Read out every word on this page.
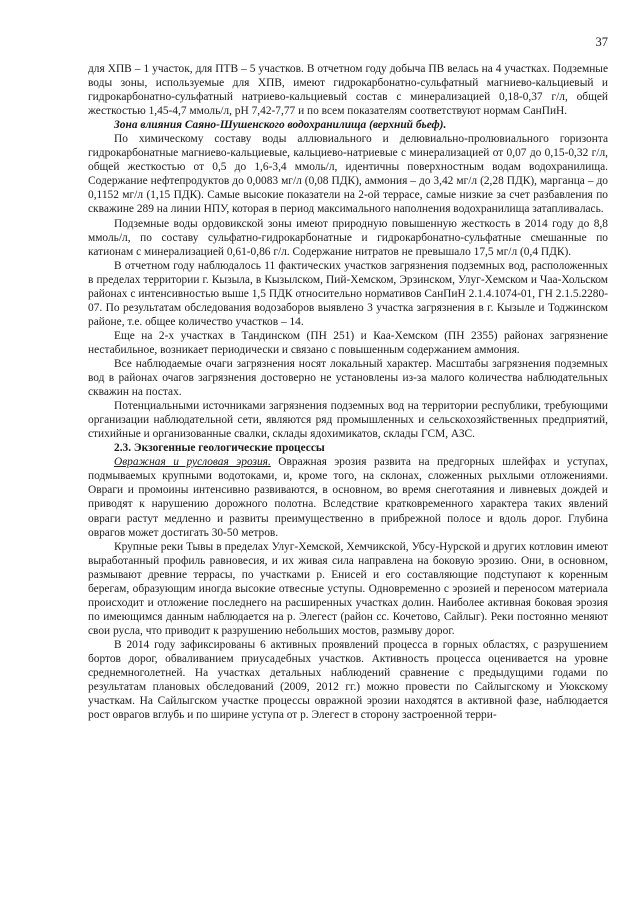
37

для ХПВ – 1 участок, для ПТВ – 5 участков. В отчетном году добыча ПВ велась на 4 участках. Подземные воды зоны, используемые для ХПВ, имеют гидрокарбонатно-сульфатный магниево-кальциевый и гидрокарбонатно-сульфатный натриево-кальциевый состав с минерализацией 0,18-0,37 г/л, общей жесткостью 1,45-4,7 ммоль/л, рН 7,42-7,77 и по всем показателям соответствуют нормам СанПиН.

Зона влияния Саяно-Шушенского водохранилища (верхний бьеф).

По химическому составу воды аллювиального и делювиально-пролювиального горизонта гидрокарбонатные магниево-кальциевые, кальциево-натриевые с минерализацией от 0,07 до 0,15-0,32 г/л, общей жесткостью от 0,5 до 1,6-3,4 ммоль/л, идентичны поверхностным водам водохранилища. Содержание нефтепродуктов до 0,0083 мг/л (0,08 ПДК), аммония – до 3,42 мг/л (2,28 ПДК), марганца – до 0,1152 мг/л (1,15 ПДК). Самые высокие показатели на 2-ой террасе, самые низкие за счет разбавления по скважине 289 на линии НПУ, которая в период максимального наполнения водохранилища затапливалась.

Подземные воды ордовикской зоны имеют природную повышенную жесткость в 2014 году до 8,8 ммоль/л, по составу сульфатно-гидрокарбонатные и гидрокарбонатно-сульфатные смешанные по катионам с минерализацией 0,61-0,86 г/л. Содержание нитратов не превышало 17,5 мг/л (0,4 ПДК).

В отчетном году наблюдалось 11 фактических участков загрязнения подземных вод, расположенных в пределах территории г. Кызыла, в Кызылском, Пий-Хемском, Эрзинском, Улуг-Хемском и Чаа-Хольском районах с интенсивностью выше 1,5 ПДК относительно нормативов СанПиН 2.1.4.1074-01, ГН 2.1.5.2280-07. По результатам обследования водозаборов выявлено 3 участка загрязнения в г. Кызыле и Тоджинском районе, т.е. общее количество участков – 14.

Еще на 2-х участках в Тандинском (ПН 251) и Каа-Хемском (ПН 2355) районах загрязнение нестабильное, возникает периодически и связано с повышенным содержанием аммония.

Все наблюдаемые очаги загрязнения носят локальный характер. Масштабы загрязнения подземных вод в районах очагов загрязнения достоверно не установлены из-за малого количества наблюдательных скважин на постах.

Потенциальными источниками загрязнения подземных вод на территории республики, требующими организации наблюдательной сети, являются ряд промышленных и сельскохозяйственных предприятий, стихийные и организованные свалки, склады ядохимикатов, склады ГСМ, АЗС.

2.3. Экзогенные геологические процессы

Овражная и русловая эрозия. Овражная эрозия развита на предгорных шлейфах и уступах, подмываемых крупными водотоками, и, кроме того, на склонах, сложенных рыхлыми отложениями. Овраги и промоины интенсивно развиваются, в основном, во время снеготаяния и ливневых дождей и приводят к нарушению дорожного полотна. Вследствие кратковременного характера таких явлений овраги растут медленно и развиты преимущественно в прибрежной полосе и вдоль дорог. Глубина оврагов может достигать 30-50 метров.

Крупные реки Тывы в пределах Улуг-Хемской, Хемчикской, Убсу-Нурской и других котловин имеют выработанный профиль равновесия, и их живая сила направлена на боковую эрозию. Они, в основном, размывают древние террасы, по участками р. Енисей и его составляющие подступают к коренным берегам, образующим иногда высокие отвесные уступы. Одновременно с эрозией и переносом материала происходит и отложение последнего на расширенных участках долин. Наиболее активная боковая эрозия по имеющимся данным наблюдается на р. Элегест (район сс. Кочетово, Сайлыг). Реки постоянно меняют свои русла, что приводит к разрушению небольших мостов, размыву дорог.

В 2014 году зафиксированы 6 активных проявлений процесса в горных областях, с разрушением бортов дорог, обваливанием приусадебных участков. Активность процесса оценивается на уровне среднемноголетней. На участках детальных наблюдений сравнение с предыдущими годами по результатам плановых обследований (2009, 2012 гг.) можно провести по Сайлыгскому и Уюкскому участкам. На Сайлыгском участке процессы овражной эрозии находятся в активной фазе, наблюдается рост оврагов вглубь и по ширине уступа от р. Элегест в сторону застроенной терри-
